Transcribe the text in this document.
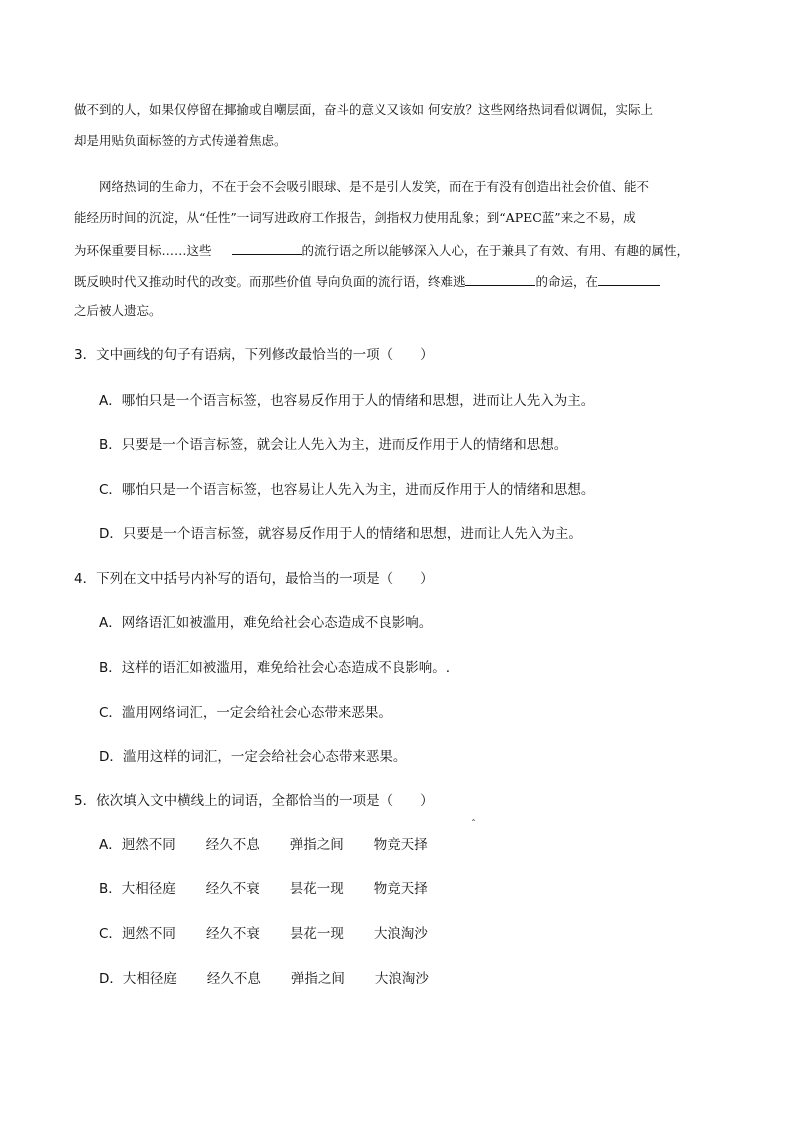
做不到的人，如果仅停留在揶揄或自嘲层面，奋斗的意义又该如 何安放？这些网络热词看似调侃，实际上
却是用贴负面标签的方式传递着焦虑。
网络热词的生命力，不在于会不会吸引眼球、是不是引人发笑，而在于有没有创造出社会价值、能不
能经历时间的沉淀，从“任性”一词写进政府工作报告，剑指权力使用乱象；到“APEC蓝”来之不易，成
为环保重要目标……这些	的流行语之所以能够深入人心，在于兼具了有效、有用、有趣的属性，
既反映时代又推动时代的改变。而那些价值 导向负面的流行语，终难逃	的命运，在
之后被人遗忘。
3．文中画线的句子有语病，下列修改最恰当的一项（　　）
A．哪怕只是一个语言标签，也容易反作用于人的情绪和思想，进而让人先入为主。
B．只要是一个语言标签，就会让人先入为主，进而反作用于人的情绪和思想。
C．哪怕只是一个语言标签，也容易让人先入为主，进而反作用于人的情绪和思想。
D．只要是一个语言标签，就容易反作用于人的情绪和思想，进而让人先入为主。
4．下列在文中括号内补写的语句，最恰当的一项是（　　）
A．网络语汇如被滥用，难免给社会心态造成不良影响。
B．这样的语汇如被滥用，难免给社会心态造成不良影响。.
C．滥用网络词汇，一定会给社会心态带来恶果。
D．滥用这样的词汇，一定会给社会心态带来恶果。
5．依次填入文中横线上的词语，全都恰当的一项是（　　）
ˆ
A．迥然不同 经久不息 弹指之间 物竞天择
B．大相径庭 经久不衰 昙花一现 物竞天择
C．迥然不同 经久不衰 昙花一现 大浪淘沙
D．大相径庭 经久不息 弹指之间 大浪淘沙
